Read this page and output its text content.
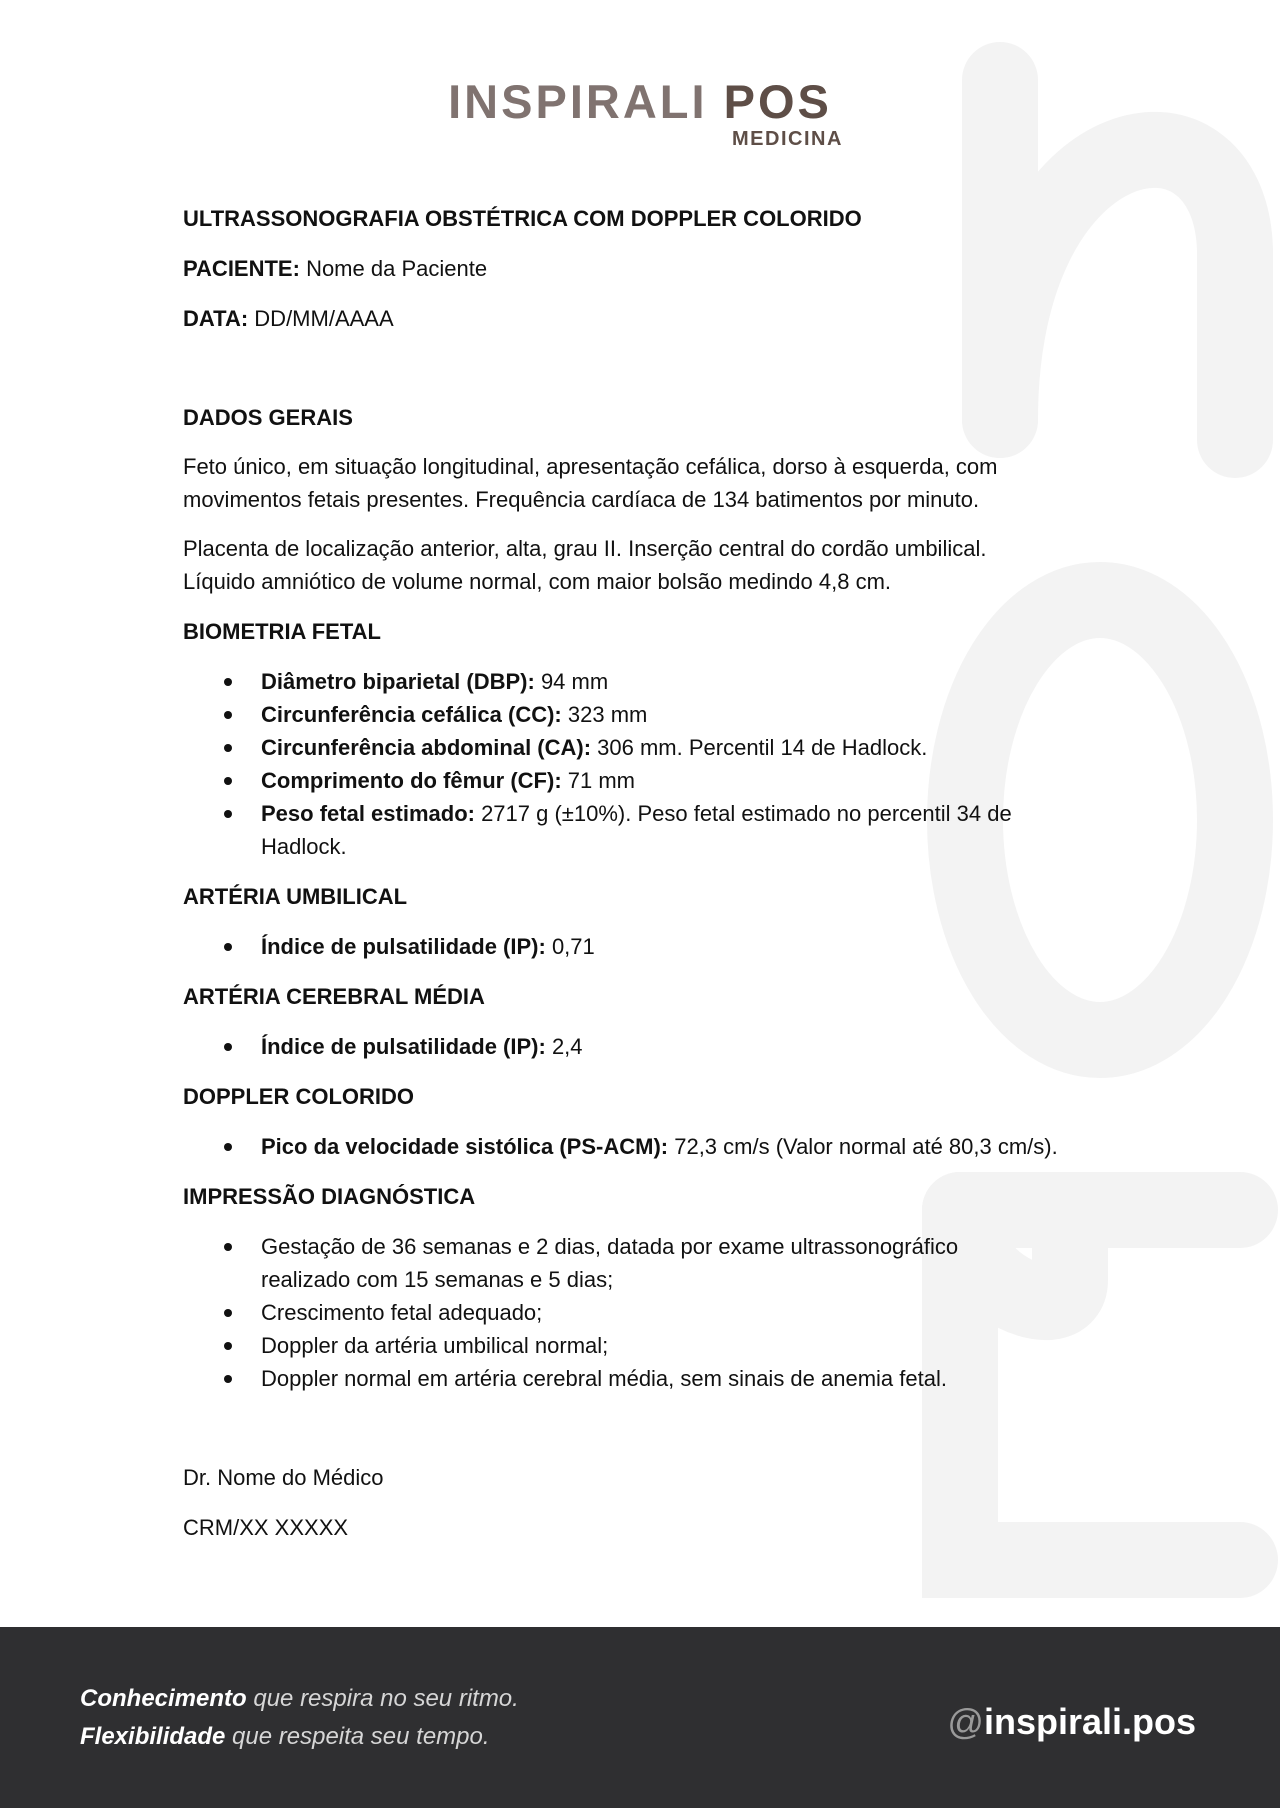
INSPIRALI POS
MEDICINA
ULTRASSONOGRAFIA OBSTÉTRICA COM DOPPLER COLORIDO
PACIENTE: Nome da Paciente
DATA: DD/MM/AAAA
DADOS GERAIS
Feto único, em situação longitudinal, apresentação cefálica, dorso à esquerda, com
movimentos fetais presentes. Frequência cardíaca de 134 batimentos por minuto.
Placenta de localização anterior, alta, grau II. Inserção central do cordão umbilical.
Líquido amniótico de volume normal, com maior bolsão medindo 4,8 cm.
BIOMETRIA FETAL
Diâmetro biparietal (DBP): 94 mm
Circunferência cefálica (CC): 323 mm
Circunferência abdominal (CA): 306 mm. Percentil 14 de Hadlock.
Comprimento do fêmur (CF): 71 mm
Peso fetal estimado: 2717 g (±10%). Peso fetal estimado no percentil 34 de
Hadlock.
ARTÉRIA UMBILICAL
Índice de pulsatilidade (IP): 0,71
ARTÉRIA CEREBRAL MÉDIA
Índice de pulsatilidade (IP): 2,4
DOPPLER COLORIDO
Pico da velocidade sistólica (PS-ACM): 72,3 cm/s (Valor normal até 80,3 cm/s).
IMPRESSÃO DIAGNÓSTICA
Gestação de 36 semanas e 2 dias, datada por exame ultrassonográfico
realizado com 15 semanas e 5 dias;
Crescimento fetal adequado;
Doppler da artéria umbilical normal;
Doppler normal em artéria cerebral média, sem sinais de anemia fetal.
Dr. Nome do Médico
CRM/XX XXXXX
Conhecimento que respira no seu ritmo.
Flexibilidade que respeita seu tempo.	@inspirali.pos
